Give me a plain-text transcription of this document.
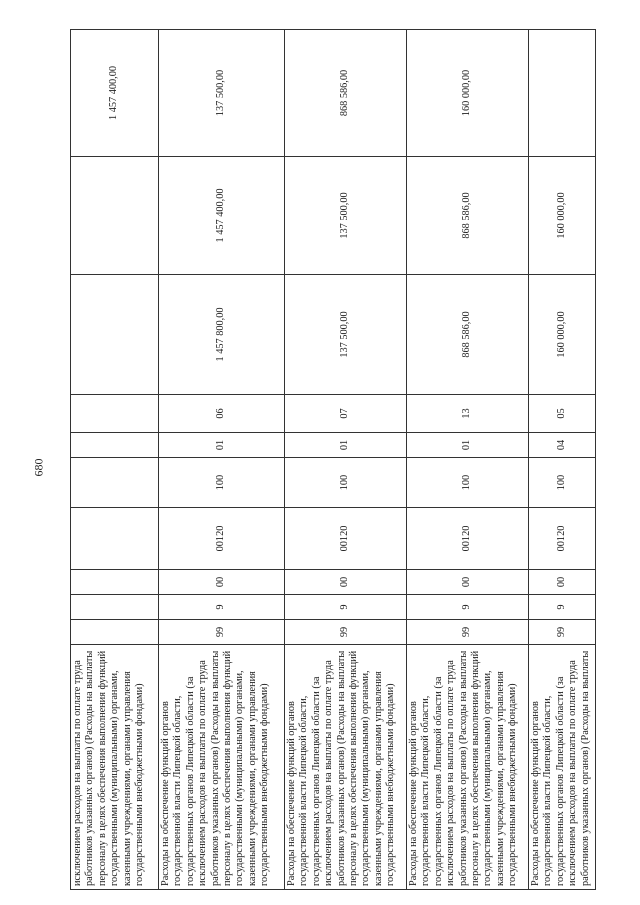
680
исключением расходов на выплаты по оплате труда работников указанных органов) (Расходы на выплаты персоналу в целях обеспечения выполнения функций государственными (муниципальными) органами, казенными учреждениями, органами управления государственными внебюджетными фондами)										1 457 400,00
Расходы на обеспечение функций органов государственной власти Липецкой области, государственных органов Липецкой области (за исключением расходов на выплаты по оплате труда работников указанных органов) (Расходы на выплаты персоналу в целях обеспечения выполнения функций государственными (муниципальными) органами, казенными учреждениями, органами управления государственными внебюджетными фондами)	99	9	00	00120	100	01	06	1 457 800,00	1 457 400,00	137 500,00
Расходы на обеспечение функций органов государственной власти Липецкой области, государственных органов Липецкой области (за исключением расходов на выплаты по оплате труда работников указанных органов) (Расходы на выплаты персоналу в целях обеспечения выполнения функций государственными (муниципальными) органами, казенными учреждениями, органами управления государственными внебюджетными фондами)	99	9	00	00120	100	01	07	137 500,00	137 500,00	868 586,00
Расходы на обеспечение функций органов государственной власти Липецкой области, государственных органов Липецкой области (за исключением расходов на выплаты по оплате труда работников указанных органов) (Расходы на выплаты персоналу в целях обеспечения выполнения функций государственными (муниципальными) органами, казенными учреждениями, органами управления государственными внебюджетными фондами)	99	9	00	00120	100	01	13	868 586,00	868 586,00	160 000,00
Расходы на обеспечение функций органов государственной власти Липецкой области, государственных органов Липецкой области (за исключением расходов на выплаты по оплате труда работников указанных органов) (Расходы на выплаты	99	9	00	00120	100	04	05	160 000,00	160 000,00	
